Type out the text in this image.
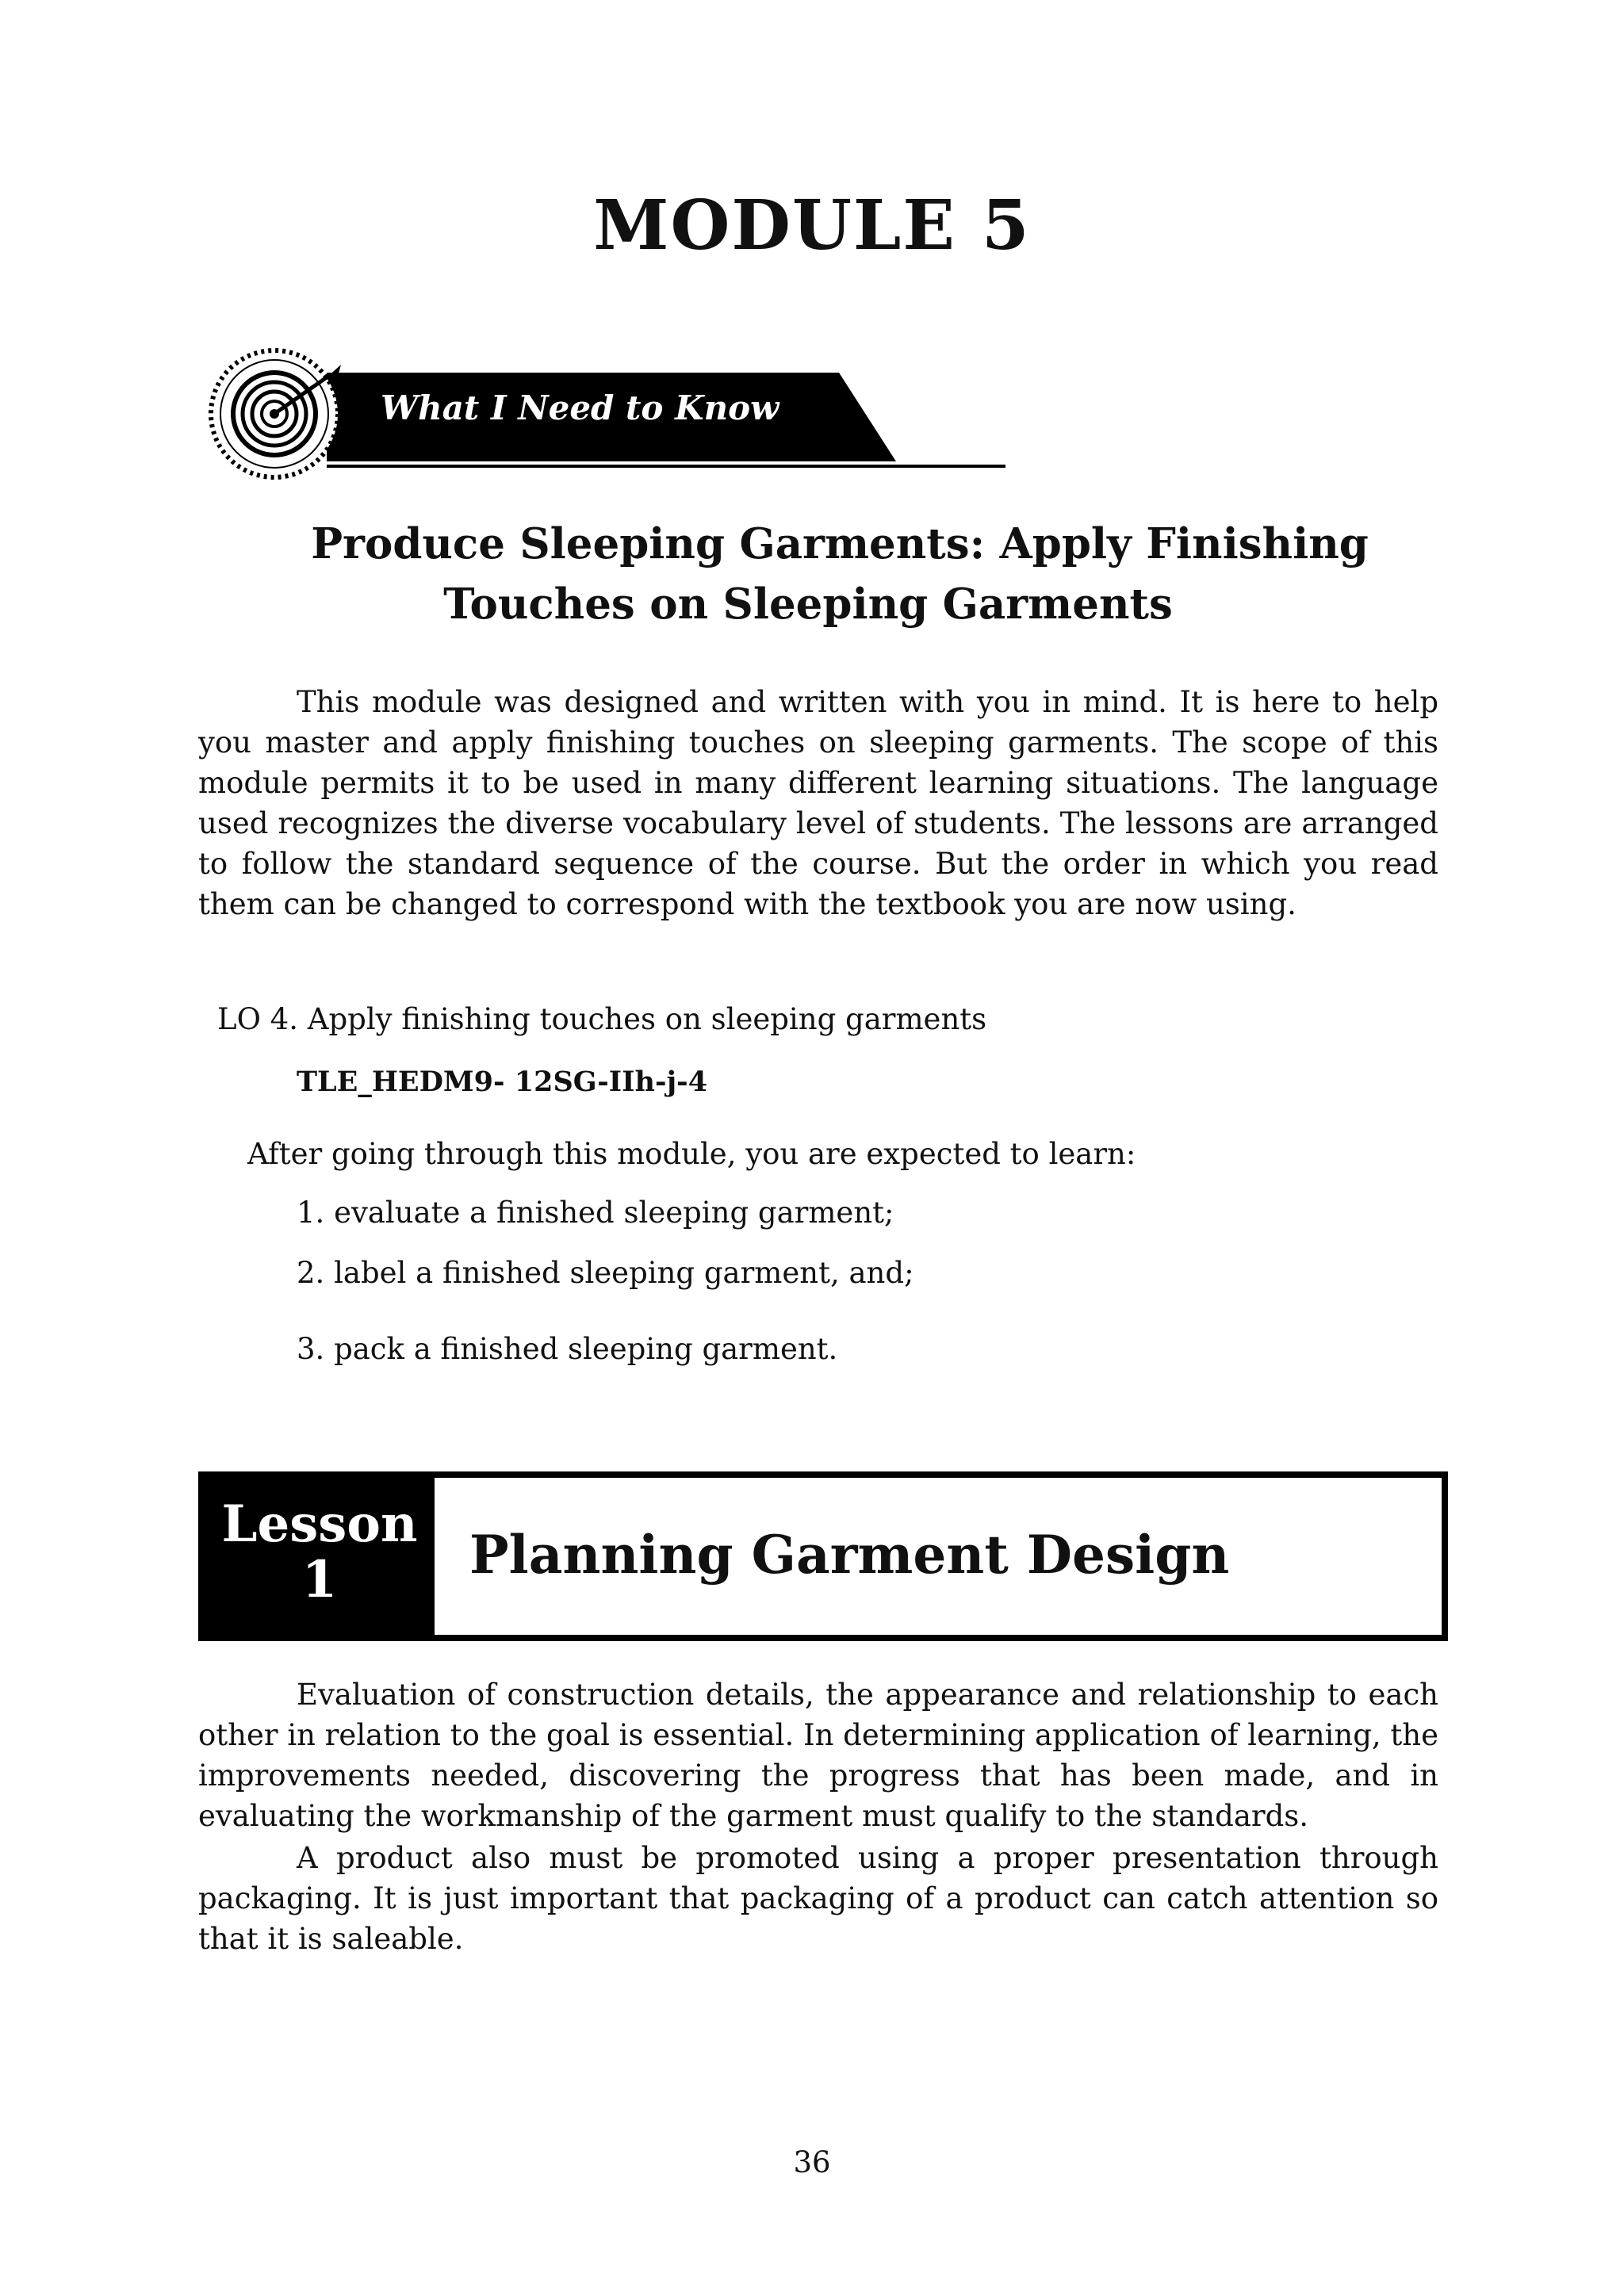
MODULE 5
What I Need to Know
Produce Sleeping Garments: Apply Finishing
Touches on Sleeping Garments

This module was designed and written with you in mind. It is here to help you master and apply finishing touches on sleeping garments. The scope of this module permits it to be used in many different learning situations. The language used recognizes the diverse vocabulary level of students. The lessons are arranged to follow the standard sequence of the course. But the order in which you read them can be changed to correspond with the textbook you are now using.

LO 4. Apply finishing touches on sleeping garments

TLE_HEDM9- 12SG-IIh-j-4

After going through this module, you are expected to learn:

1. evaluate a finished sleeping garment;

2. label a finished sleeping garment, and;

3. pack a finished sleeping garment.

Lesson
1	Planning Garment Design

Evaluation of construction details, the appearance and relationship to each other in relation to the goal is essential. In determining application of learning, the improvements needed, discovering the progress that has been made, and in evaluating the workmanship of the garment must qualify to the standards.

A product also must be promoted using a proper presentation through packaging. It is just important that packaging of a product can catch attention so that it is saleable.

36
